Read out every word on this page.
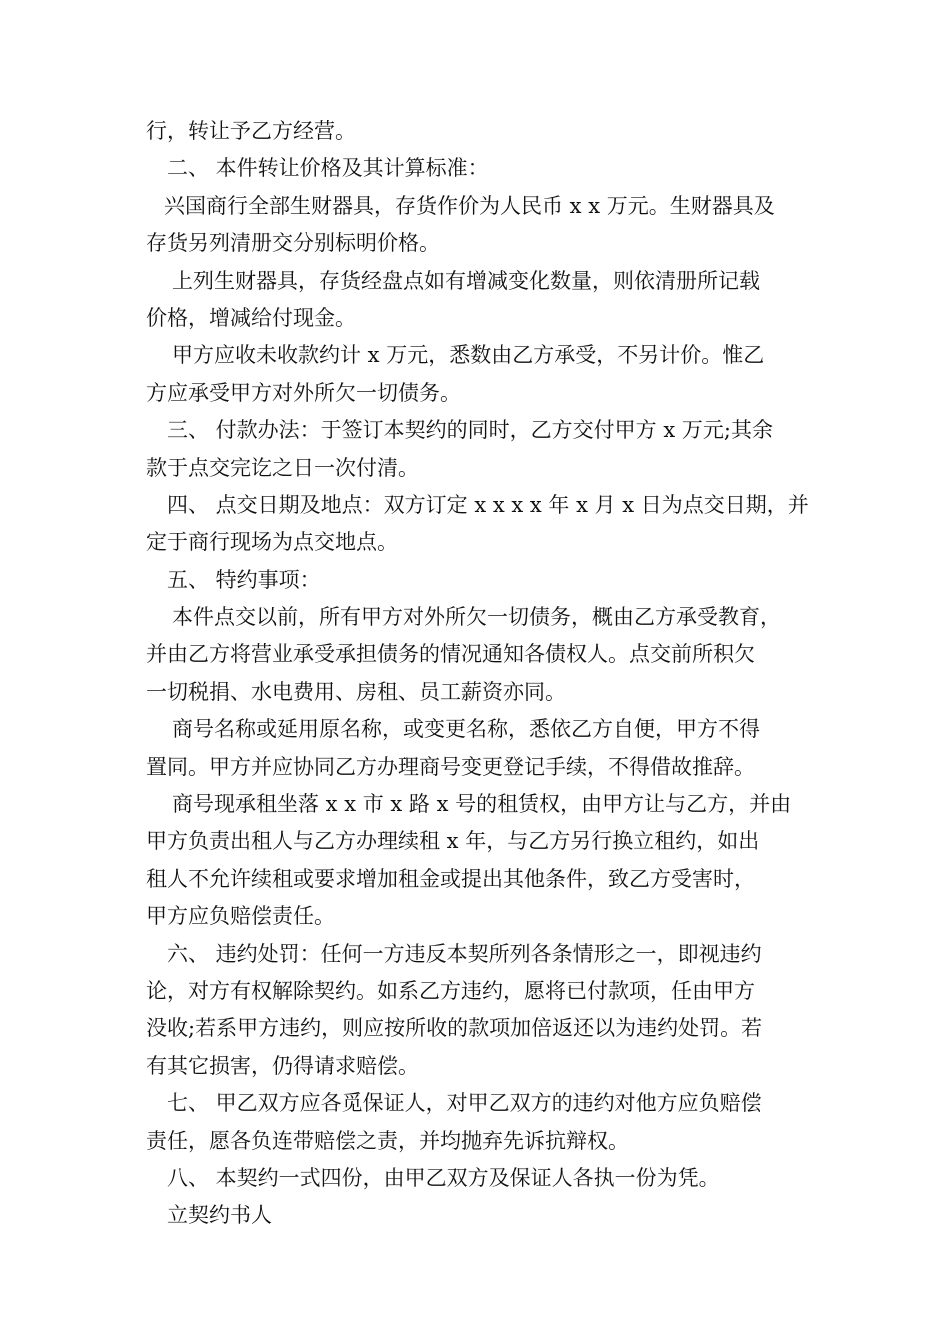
行，转让予乙方经营。
二、 本件转让价格及其计算标准：
兴国商行全部生财器具，存货作价为人民币 x x 万元。生财器具及
存货另列清册交分别标明价格。
上列生财器具，存货经盘点如有增减变化数量，则依清册所记载
价格，增减给付现金。
甲方应收未收款约计 x 万元，悉数由乙方承受，不另计价。惟乙
方应承受甲方对外所欠一切债务。
三、 付款办法：于签订本契约的同时，乙方交付甲方 x 万元;其余
款于点交完讫之日一次付清。
四、 点交日期及地点：双方订定 x x x x 年 x 月 x 日为点交日期，并
定于商行现场为点交地点。
五、 特约事项：
本件点交以前，所有甲方对外所欠一切债务，概由乙方承受教育，
并由乙方将营业承受承担债务的情况通知各债权人。点交前所积欠
一切税捐、水电费用、房租、员工薪资亦同。
商号名称或延用原名称，或变更名称，悉依乙方自便，甲方不得
置同。甲方并应协同乙方办理商号变更登记手续，不得借故推辞。
商号现承租坐落 x x 市 x 路 x 号的租赁权，由甲方让与乙方，并由
甲方负责出租人与乙方办理续租 x 年，与乙方另行换立租约，如出
租人不允许续租或要求增加租金或提出其他条件，致乙方受害时，
甲方应负赔偿责任。
六、 违约处罚：任何一方违反本契所列各条情形之一，即视违约
论，对方有权解除契约。如系乙方违约，愿将已付款项，任由甲方
没收;若系甲方违约，则应按所收的款项加倍返还以为违约处罚。若
有其它损害，仍得请求赔偿。
七、 甲乙双方应各觅保证人，对甲乙双方的违约对他方应负赔偿
责任，愿各负连带赔偿之责，并均抛弃先诉抗辩权。
八、 本契约一式四份，由甲乙双方及保证人各执一份为凭。
立契约书人
